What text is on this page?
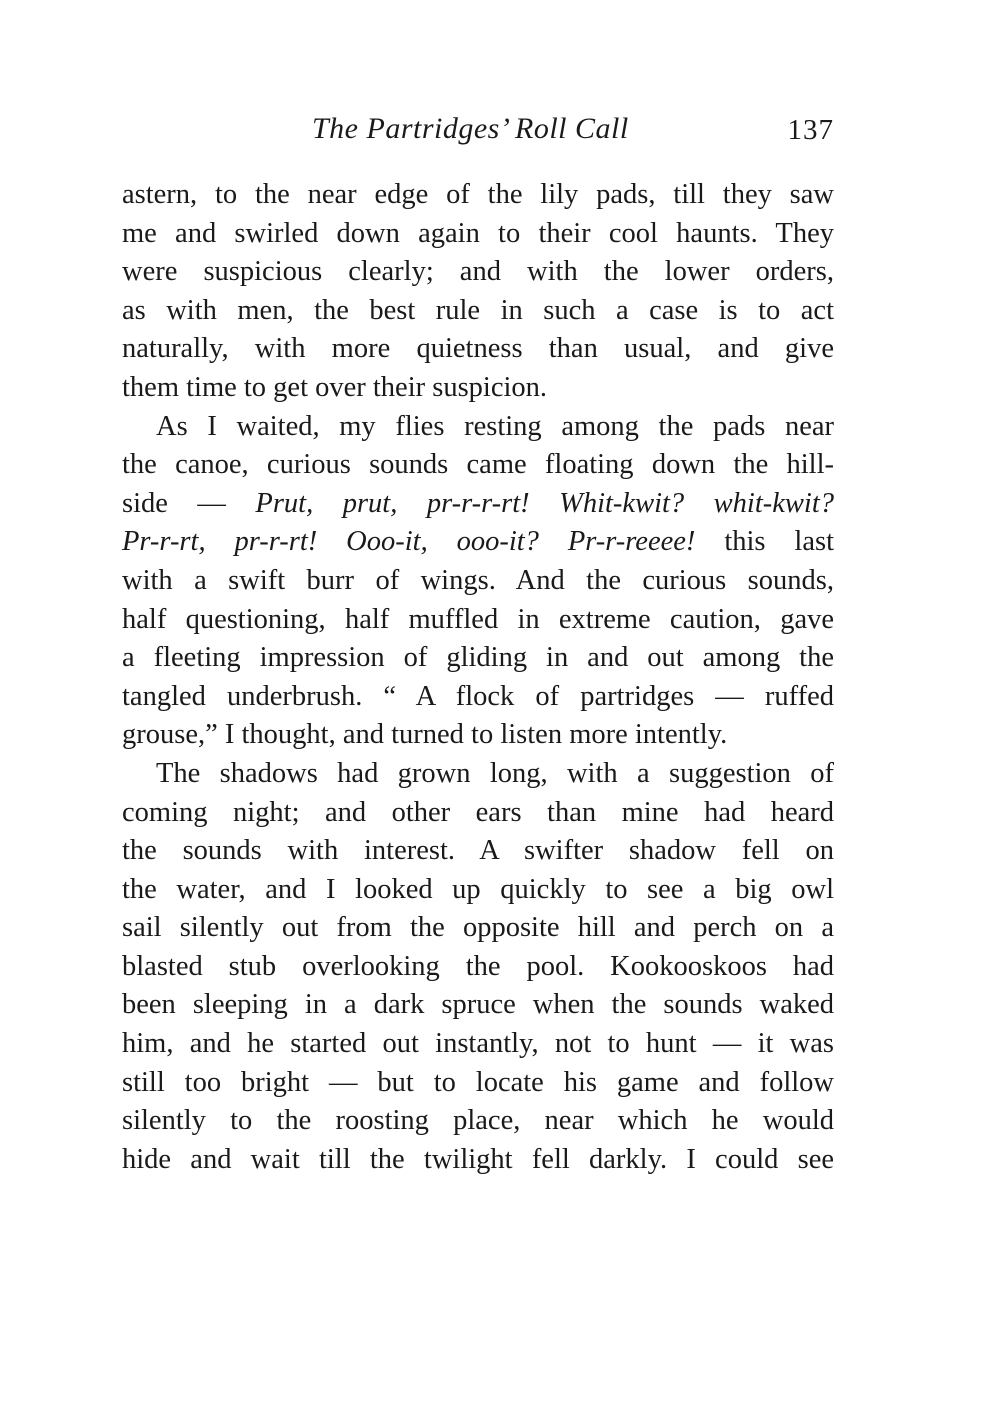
The Partridges’ Roll Call	137
astern, to the near edge of the lily pads, till they saw
me and swirled down again to their cool haunts. They
were suspicious clearly; and with the lower orders,
as with men, the best rule in such a case is to act
naturally, with more quietness than usual, and give
them time to get over their suspicion.
As I waited, my flies resting among the pads near
the canoe, curious sounds came floating down the hill-
side — Prut, prut, pr-r-r-rt! Whit-kwit? whit-kwit?
Pr-r-rt, pr-r-rt! Ooo-it, ooo-it? Pr-r-reeee! this last
with a swift burr of wings. And the curious sounds,
half questioning, half muffled in extreme caution, gave
a fleeting impression of gliding in and out among the
tangled underbrush. “ A flock of partridges — ruffed
grouse,” I thought, and turned to listen more intently.
The shadows had grown long, with a suggestion of
coming night; and other ears than mine had heard
the sounds with interest. A swifter shadow fell on
the water, and I looked up quickly to see a big owl
sail silently out from the opposite hill and perch on a
blasted stub overlooking the pool. Kookooskoos had
been sleeping in a dark spruce when the sounds waked
him, and he started out instantly, not to hunt — it was
still too bright — but to locate his game and follow
silently to the roosting place, near which he would
hide and wait till the twilight fell darkly. I could see
